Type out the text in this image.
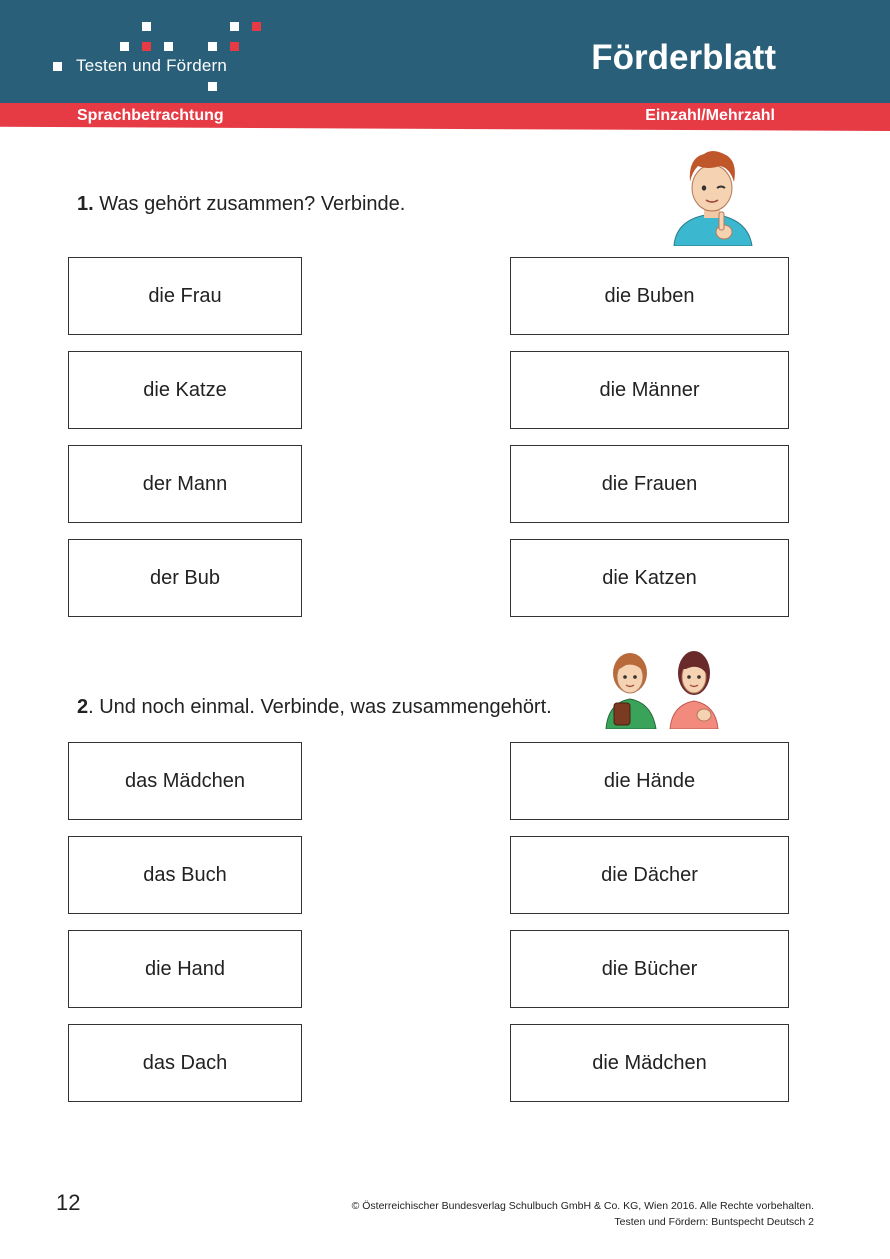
Testen und Fördern	Förderblatt
Sprachbetrachtung	Einzahl/Mehrzahl
1. Was gehört zusammen? Verbinde.
die Frau
die Katze
der Mann
der Bub
die Buben
die Männer
die Frauen
die Katzen
2. Und noch einmal. Verbinde, was zusammengehört.
das Mädchen
das Buch
die Hand
das Dach
die Hände
die Dächer
die Bücher
die Mädchen
12	© Österreichischer Bundesverlag Schulbuch GmbH & Co. KG, Wien 2016. Alle Rechte vorbehalten.
Testen und Fördern: Buntspecht Deutsch 2
